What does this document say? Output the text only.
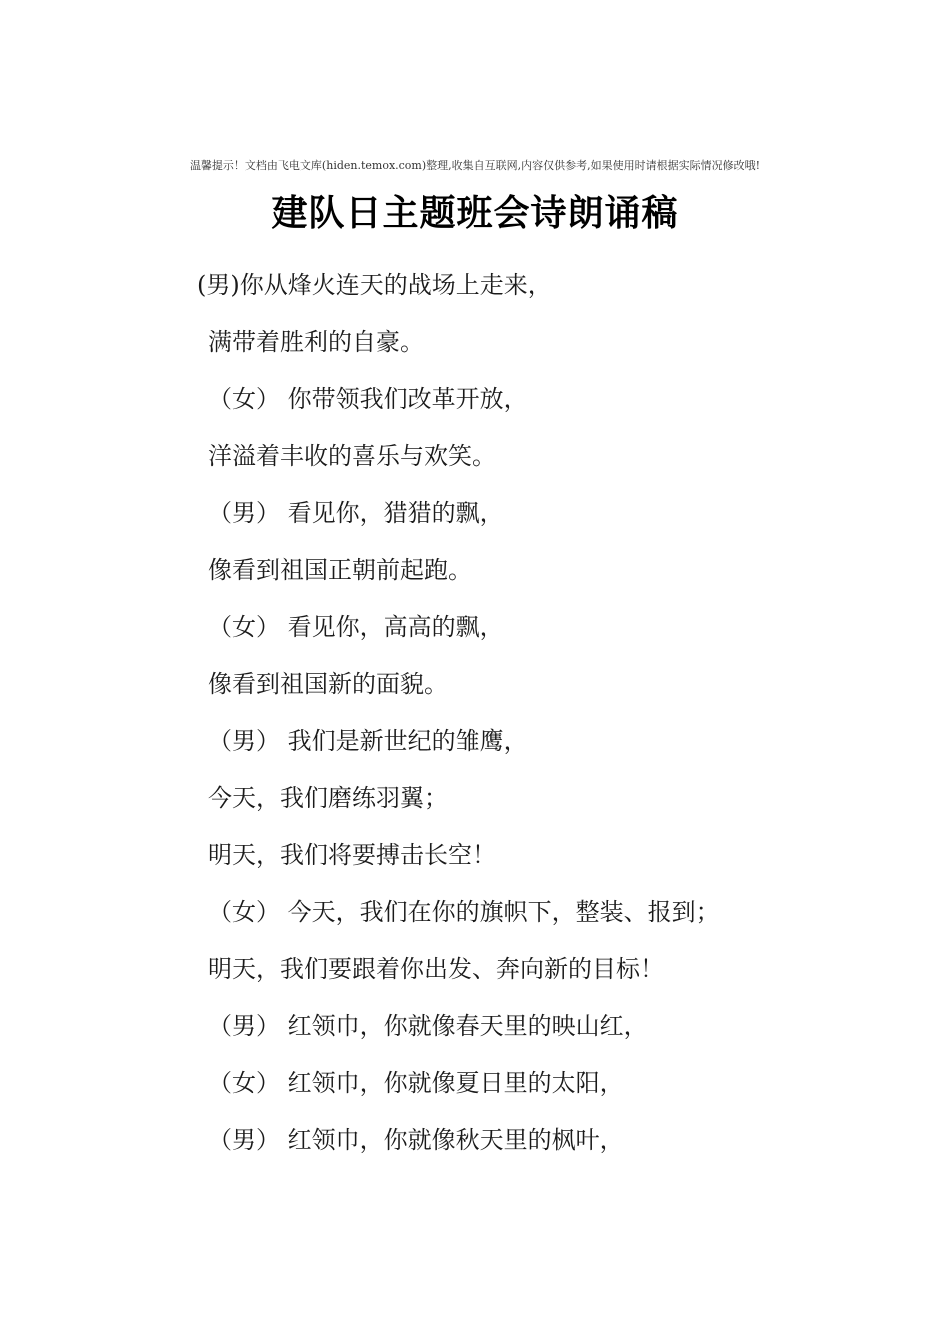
温馨提示！文档由飞电文库(hiden.temox.com)整理,收集自互联网,内容仅供参考,如果使用时请根据实际情况修改哦!
建队日主题班会诗朗诵稿
(男)你从烽火连天的战场上走来，
满带着胜利的自豪。
（女） 你带领我们改革开放，
洋溢着丰收的喜乐与欢笑。
（男） 看见你，猎猎的飘，
像看到祖国正朝前起跑。
（女） 看见你，高高的飘，
像看到祖国新的面貌。
（男） 我们是新世纪的雏鹰，
今天，我们磨练羽翼；
明天，我们将要搏击长空！
（女） 今天，我们在你的旗帜下，整装、报到；
明天，我们要跟着你出发、奔向新的目标！
（男） 红领巾，你就像春天里的映山红，
（女） 红领巾，你就像夏日里的太阳，
（男） 红领巾，你就像秋天里的枫叶，
